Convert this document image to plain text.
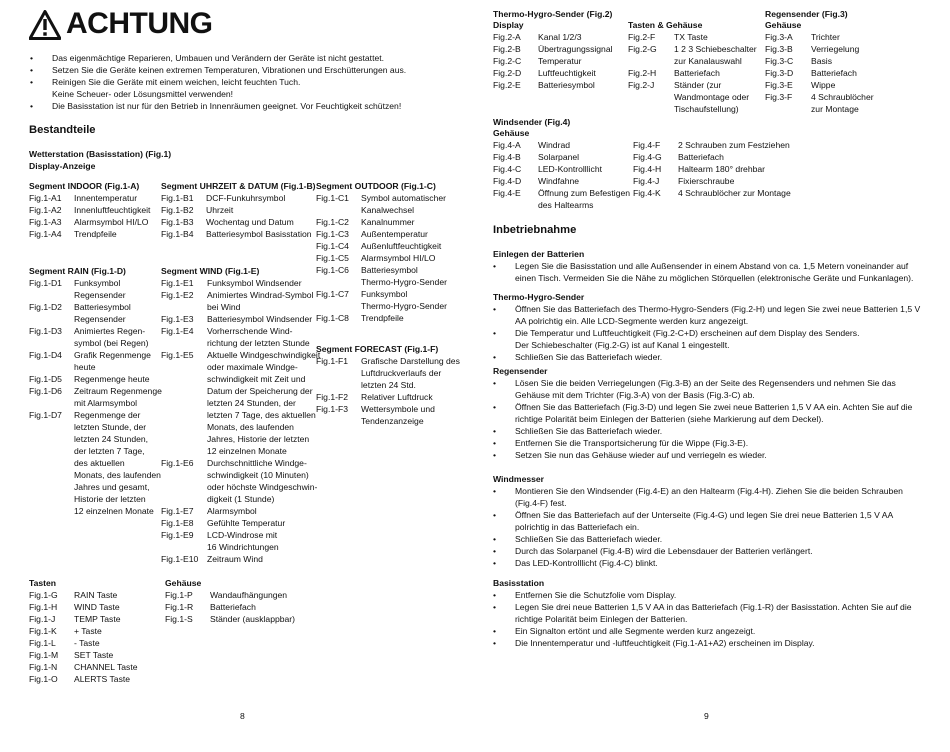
ACHTUNG
• Das eigenmächtige Reparieren, Umbauen und Verändern der Geräte ist nicht gestattet.
• Setzen Sie die Geräte keinen extremen Temperaturen, Vibrationen und Erschütterungen aus.
• Reinigen Sie die Geräte mit einem weichen, leicht feuchten Tuch.
Keine Scheuer- oder Lösungsmittel verwenden!
• Die Basisstation ist nur für den Betrieb in Innenräumen geeignet. Vor Feuchtigkeit schützen!
Bestandteile
Wetterstation (Basisstation) (Fig.1)
Display-Anzeige
Segment INDOOR (Fig.1-A)
Fig.1-A1 Innentemperatur
Fig.1-A2 Innenluftfeuchtigkeit
Fig.1-A3 Alarmsymbol HI/LO
Fig.1-A4 Trendpfeile
Segment UHRZEIT & DATUM (Fig.1-B)
Fig.1-B1 DCF-Funkuhrsymbol
Fig.1-B2 Uhrzeit
Fig.1-B3 Wochentag und Datum
Fig.1-B4 Batteriesymbol Basisstation
Segment OUTDOOR (Fig.1-C)
Fig.1-C1 Symbol automatischer
Kanalwechsel
Fig.1-C2 Kanalnummer
Fig.1-C3 Außentemperatur
Fig.1-C4 Außenluftfeuchtigkeit
Fig.1-C5 Alarmsymbol HI/LO
Fig.1-C6 Batteriesymbol
Thermo-Hygro-Sender
Fig.1-C7 Funksymbol
Thermo-Hygro-Sender
Fig.1-C8 Trendpfeile
Segment FORECAST (Fig.1-F)
Fig.1-F1 Grafische Darstellung des
Luftdruckverlaufs der
letzten 24 Std.
Fig.1-F2 Relativer Luftdruck
Fig.1-F3 Wettersymbole und
Tendenzanzeige
Segment RAIN (Fig.1-D)
Fig.1-D1 Funksymbol
Regensender
Fig.1-D2 Batteriesymbol
Regensender
Fig.1-D3 Animiertes Regen-
symbol (bei Regen)
Fig.1-D4 Grafik Regenmenge
heute
Fig.1-D5 Regenmenge heute
Fig.1-D6 Zeitraum Regenmenge
mit Alarmsymbol
Fig.1-D7 Regenmenge der
letzten Stunde, der
letzten 24 Stunden,
der letzten 7 Tage,
des aktuellen
Monats, des laufenden
Jahres und gesamt,
Historie der letzten
12 einzelnen Monate
Segment WIND (Fig.1-E)
Fig.1-E1 Funksymbol Windsender
Fig.1-E2 Animiertes Windrad-Symbol
bei Wind
Fig.1-E3 Batteriesymbol Windsender
Fig.1-E4 Vorherrschende Wind-
richtung der letzten Stunde
Fig.1-E5 Aktuelle Windgeschwindigkeit
oder maximale Windge-
schwindigkeit mit Zeit und
Datum der Speicherung der
letzten 24 Stunden, der
letzten 7 Tage, des aktuellen
Monats, des laufenden
Jahres, Historie der letzten
12 einzelnen Monate
Fig.1-E6 Durchschnittliche Windge-
schwindigkeit (10 Minuten)
oder höchste Windgeschwin-
digkeit (1 Stunde)
Fig.1-E7 Alarmsymbol
Fig.1-E8 Gefühlte Temperatur
Fig.1-E9 LCD-Windrose mit
16 Windrichtungen
Fig.1-E10 Zeitraum Wind
Tasten
Fig.1-G RAIN Taste
Fig.1-H WIND Taste
Fig.1-J TEMP Taste
Fig.1-K + Taste
Fig.1-L - Taste
Fig.1-M SET Taste
Fig.1-N CHANNEL Taste
Fig.1-O ALERTS Taste
Gehäuse
Fig.1-P Wandaufhängungen
Fig.1-R Batteriefach
Fig.1-S Ständer (ausklappbar)
8
Thermo-Hygro-Sender (Fig.2)
Display
Fig.2-A Kanal 1/2/3
Fig.2-B Übertragungssignal
Fig.2-C Temperatur
Fig.2-D Luftfeuchtigkeit
Fig.2-E Batteriesymbol
Tasten & Gehäuse
Fig.2-F TX Taste
Fig.2-G 1 2 3 Schiebeschalter
zur Kanalauswahl
Fig.2-H Batteriefach
Fig.2-J Ständer (zur
Wandmontage oder
Tischaufstellung)
Regensender (Fig.3)
Gehäuse
Fig.3-A Trichter
Fig.3-B Verriegelung
Fig.3-C Basis
Fig.3-D Batteriefach
Fig.3-E Wippe
Fig.3-F 4 Schraublöcher
zur Montage
Windsender (Fig.4)
Gehäuse
Fig.4-A Windrad
Fig.4-B Solarpanel
Fig.4-C LED-Kontrolllicht
Fig.4-D Windfahne
Fig.4-E Öffnung zum Befestigen
des Haltearms
Fig.4-F 2 Schrauben zum Festziehen
Fig.4-G Batteriefach
Fig.4-H Haltearm 180° drehbar
Fig.4-J Fixierschraube
Fig.4-K 4 Schraublöcher zur Montage
Inbetriebnahme
Einlegen der Batterien
• Legen Sie die Basisstation und alle Außensender in einem Abstand von ca. 1,5 Metern voneinander auf einen Tisch. Vermeiden Sie die Nähe zu möglichen Störquellen (elektronische Geräte und Funkanlagen).
Thermo-Hygro-Sender
• Öffnen Sie das Batteriefach des Thermo-Hygro-Senders (Fig.2-H) und legen Sie zwei neue Batterien 1,5 V AA polrichtig ein. Alle LCD-Segmente werden kurz angezeigt.
• Die Temperatur und Luftfeuchtigkeit (Fig.2-C+D) erscheinen auf dem Display des Senders.
Der Schiebeschalter (Fig.2-G) ist auf Kanal 1 eingestellt.
• Schließen Sie das Batteriefach wieder.
Regensender
• Lösen Sie die beiden Verriegelungen (Fig.3-B) an der Seite des Regensenders und nehmen Sie das Gehäuse mit dem Trichter (Fig.3-A) von der Basis (Fig.3-C) ab.
• Öffnen Sie das Batteriefach (Fig.3-D) und legen Sie zwei neue Batterien 1,5 V AA ein. Achten Sie auf die richtige Polarität beim Einlegen der Batterien (siehe Markierung auf dem Deckel).
• Schließen Sie das Batteriefach wieder.
• Entfernen Sie die Transportsicherung für die Wippe (Fig.3-E).
• Setzen Sie nun das Gehäuse wieder auf und verriegeln es wieder.
Windmesser
• Montieren Sie den Windsender (Fig.4-E) an den Haltearm (Fig.4-H). Ziehen Sie die beiden Schrauben (Fig.4-F) fest.
• Öffnen Sie das Batteriefach auf der Unterseite (Fig.4-G) und legen Sie drei neue Batterien 1,5 V AA polrichtig in das Batteriefach ein.
• Schließen Sie das Batteriefach wieder.
• Durch das Solarpanel (Fig.4-B) wird die Lebensdauer der Batterien verlängert.
• Das LED-Kontrolllicht (Fig.4-C) blinkt.
Basisstation
• Entfernen Sie die Schutzfolie vom Display.
• Legen Sie drei neue Batterien 1,5 V AA in das Batteriefach (Fig.1-R) der Basisstation. Achten Sie auf die richtige Polarität beim Einlegen der Batterien.
• Ein Signalton ertönt und alle Segmente werden kurz angezeigt.
• Die Innentemperatur und -luftfeuchtigkeit (Fig.1-A1+A2) erscheinen im Display.
9
